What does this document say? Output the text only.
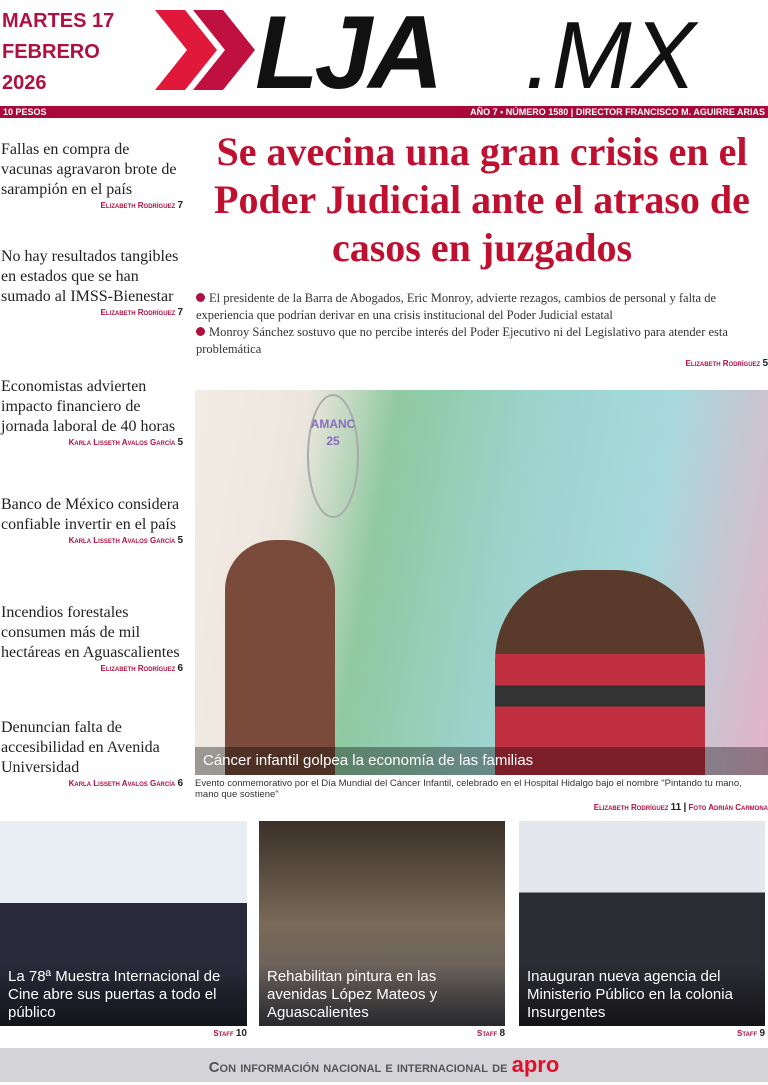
MARTES 17
FEBRERO
2026	LJA .MX
10 PESOS	AÑO 7 • NÚMERO 1580 | DIRECTOR FRANCISCO M. AGUIRRE ARIAS
Fallas en compra de vacunas agravaron brote de sarampión en el país
Elizabeth Rodríguez 7
No hay resultados tangibles en estados que se han sumado al IMSS-Bienestar
Elizabeth Rodríguez 7
Economistas advierten impacto financiero de jornada laboral de 40 horas
Karla Lisseth Avalos García 5
Banco de México considera confiable invertir en el país
Karla Lisseth Avalos García 5
Incendios forestales consumen más de mil hectáreas en Aguascalientes
Elizabeth Rodríguez 6
Denuncian falta de accesibilidad en Avenida Universidad
Karla Lisseth Avalos García 6
Se avecina una gran crisis en el Poder Judicial ante el atraso de casos en juzgados
El presidente de la Barra de Abogados, Eric Monroy, advierte rezagos, cambios de personal y falta de experiencia que podrían derivar en una crisis institucional del Poder Judicial estatal
Monroy Sánchez sostuvo que no percibe interés del Poder Ejecutivo ni del Legislativo para atender esta problemática
Elizabeth Rodríguez 5
AMANC 25
Cáncer infantil golpea la economía de las familias
Evento conmemorativo por el Día Mundial del Cáncer Infantil, celebrado en el Hospital Hidalgo bajo el nombre "Pintando tu mano, mano que sostiene"
Elizabeth Rodríguez 11 | Foto Adrián Carmona
La 78ª Muestra Internacional de Cine abre sus puertas a todo el público
Rehabilitan pintura en las avenidas López Mateos y Aguascalientes
Inauguran nueva agencia del Ministerio Público en la colonia Insurgentes
Staff 10	Staff 8	Staff 9
Con información nacional e internacional de apro
